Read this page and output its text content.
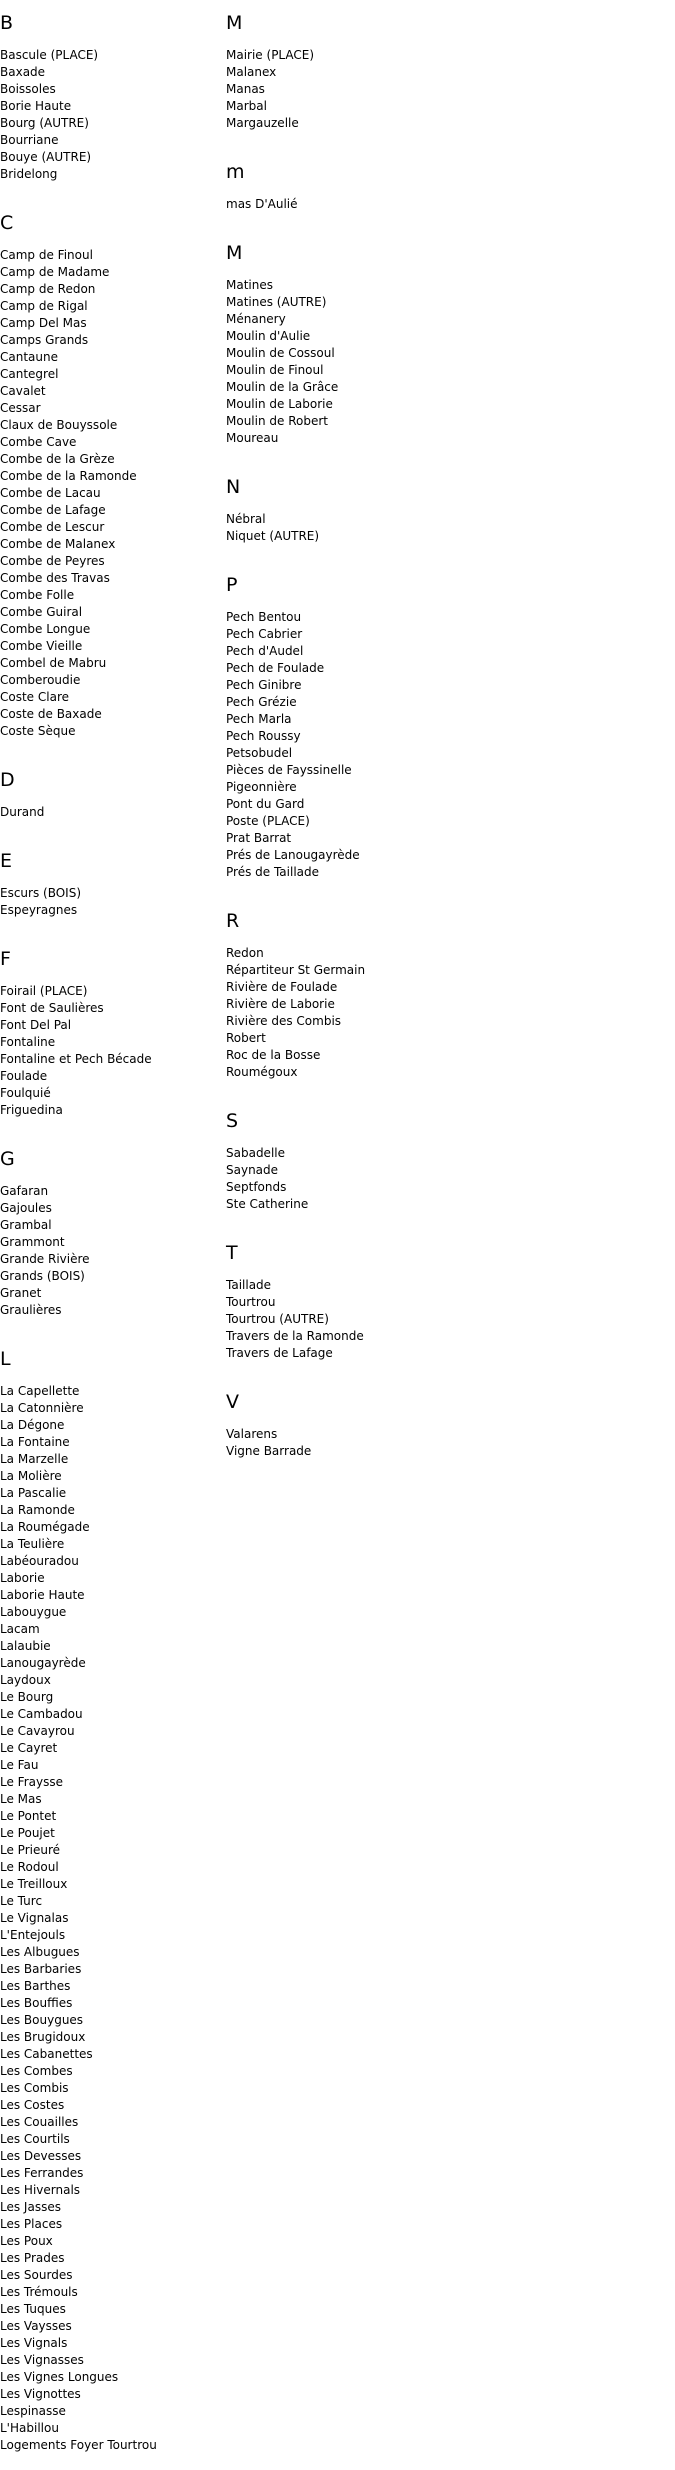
B
Bascule (PLACE)
Baxade
Boissoles
Borie Haute
Bourg (AUTRE)
Bourriane
Bouye (AUTRE)
Bridelong
C
Camp de Finoul
Camp de Madame
Camp de Redon
Camp de Rigal
Camp Del Mas
Camps Grands
Cantaune
Cantegrel
Cavalet
Cessar
Claux de Bouyssole
Combe Cave
Combe de la Grèze
Combe de la Ramonde
Combe de Lacau
Combe de Lafage
Combe de Lescur
Combe de Malanex
Combe de Peyres
Combe des Travas
Combe Folle
Combe Guiral
Combe Longue
Combe Vieille
Combel de Mabru
Comberoudie
Coste Clare
Coste de Baxade
Coste Sèque
D
Durand
E
Escurs (BOIS)
Espeyragnes
F
Foirail (PLACE)
Font de Saulières
Font Del Pal
Fontaline
Fontaline et Pech Bécade
Foulade
Foulquié
Friguedina
G
Gafaran
Gajoules
Grambal
Grammont
Grande Rivière
Grands (BOIS)
Granet
Graulières
L
La Capellette
La Catonnière
La Dégone
La Fontaine
La Marzelle
La Molière
La Pascalie
La Ramonde
La Roumégade
La Teulière
Labéouradou
Laborie
Laborie Haute
Labouygue
Lacam
Lalaubie
Lanougayrède
Laydoux
Le Bourg
Le Cambadou
Le Cavayrou
Le Cayret
Le Fau
Le Fraysse
Le Mas
Le Pontet
Le Poujet
Le Prieuré
Le Rodoul
Le Treilloux
Le Turc
Le Vignalas
L'Entejouls
Les Albugues
Les Barbaries
Les Barthes
Les Bouffies
Les Bouygues
Les Brugidoux
Les Cabanettes
Les Combes
Les Combis
Les Costes
Les Couailles
Les Courtils
Les Devesses
Les Ferrandes
Les Hivernals
Les Jasses
Les Places
Les Poux
Les Prades
Les Sourdes
Les Trémouls
Les Tuques
Les Vaysses
Les Vignals
Les Vignasses
Les Vignes Longues
Les Vignottes
Lespinasse
L'Habillou
Logements Foyer Tourtrou
M
Mairie (PLACE)
Malanex
Manas
Marbal
Margauzelle
m
mas D'Aulié
M
Matines
Matines (AUTRE)
Ménanery
Moulin d'Aulie
Moulin de Cossoul
Moulin de Finoul
Moulin de la Grâce
Moulin de Laborie
Moulin de Robert
Moureau
N
Nébral
Niquet (AUTRE)
P
Pech Bentou
Pech Cabrier
Pech d'Audel
Pech de Foulade
Pech Ginibre
Pech Grézie
Pech Marla
Pech Roussy
Petsobudel
Pièces de Fayssinelle
Pigeonnière
Pont du Gard
Poste (PLACE)
Prat Barrat
Prés de Lanougayrède
Prés de Taillade
R
Redon
Répartiteur St Germain
Rivière de Foulade
Rivière de Laborie
Rivière des Combis
Robert
Roc de la Bosse
Roumégoux
S
Sabadelle
Saynade
Septfonds
Ste Catherine
T
Taillade
Tourtrou
Tourtrou (AUTRE)
Travers de la Ramonde
Travers de Lafage
V
Valarens
Vigne Barrade
